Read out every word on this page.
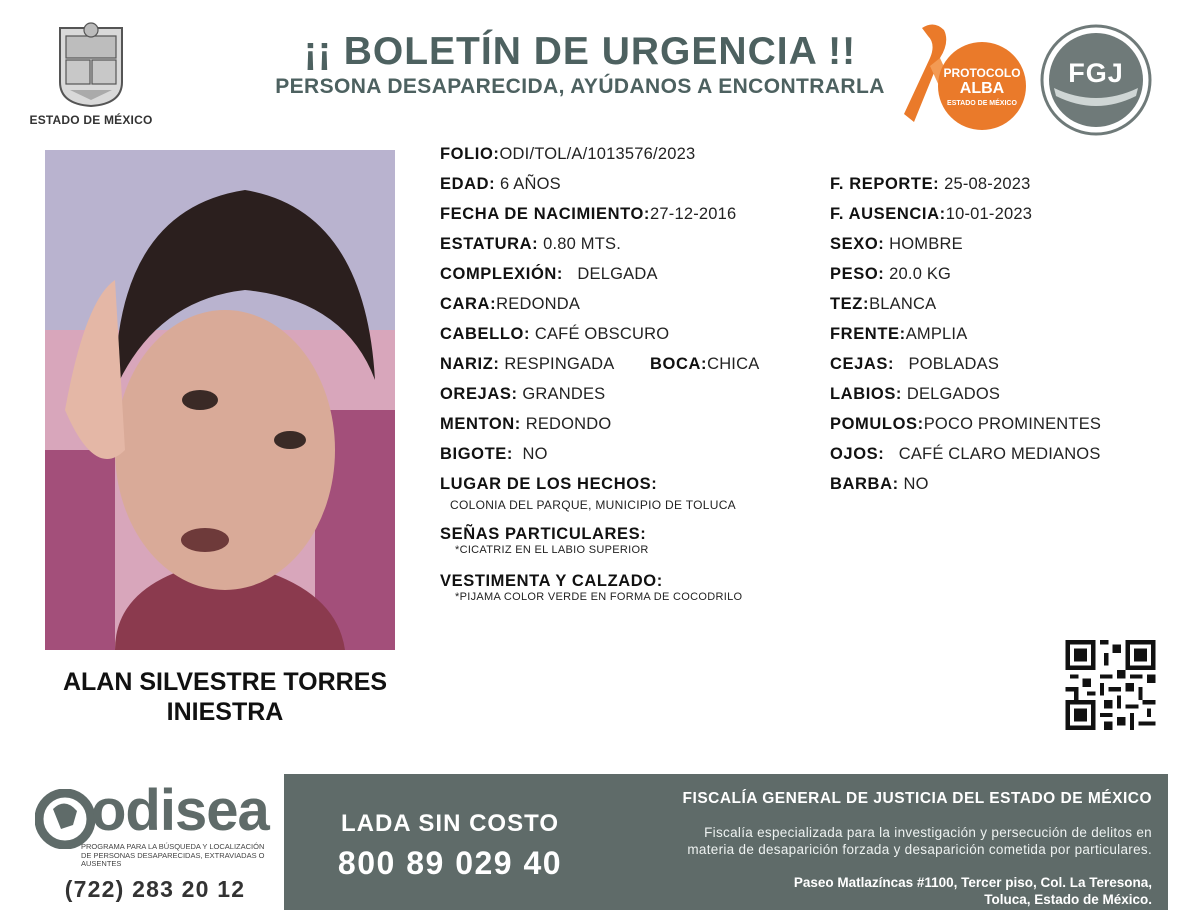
ESTADO DE MÉXICO
¡¡ BOLETÍN DE URGENCIA !!
PERSONA DESAPARECIDA, AYÚDANOS A ENCONTRARLA
PROTOCOLO
ALBA
ESTADO DE MÉXICO
FGJ
ALAN SILVESTRE TORRES
INIESTRA
FOLIO:ODI/TOL/A/1013576/2023
EDAD: 6 AÑOS
FECHA DE NACIMIENTO:27-12-2016
ESTATURA: 0.80 MTS.
COMPLEXIÓN: DELGADA
CARA:REDONDA
CABELLO: CAFÉ OBSCURO
NARIZ: RESPINGADA BOCA:CHICA
OREJAS: GRANDES
MENTON: REDONDO
BIGOTE: NO
LUGAR DE LOS HECHOS:
COLONIA DEL PARQUE, MUNICIPIO DE TOLUCA
SEÑAS PARTICULARES:
*CICATRIZ EN EL LABIO SUPERIOR
VESTIMENTA Y CALZADO:
*PIJAMA COLOR VERDE EN FORMA DE COCODRILO
F. REPORTE: 25-08-2023
F. AUSENCIA:10-01-2023
SEXO: HOMBRE
PESO: 20.0 KG
TEZ:BLANCA
FRENTE:AMPLIA
CEJAS: POBLADAS
LABIOS: DELGADOS
POMULOS:POCO PROMINENTES
OJOS: CAFÉ CLARO MEDIANOS
BARBA: NO
odisea
PROGRAMA PARA LA BÚSQUEDA Y LOCALIZACIÓN DE PERSONAS DESAPARECIDAS, EXTRAVIADAS O AUSENTES
(722) 283 20 12
LADA SIN COSTO
800 89 029 40
FISCALÍA GENERAL DE JUSTICIA DEL ESTADO DE MÉXICO
Fiscalía especializada para la investigación y persecución de delitos en
materia de desaparición forzada y desaparición cometida por particulares.
Paseo Matlazíncas #1100, Tercer piso, Col. La Teresona,
Toluca, Estado de México.
